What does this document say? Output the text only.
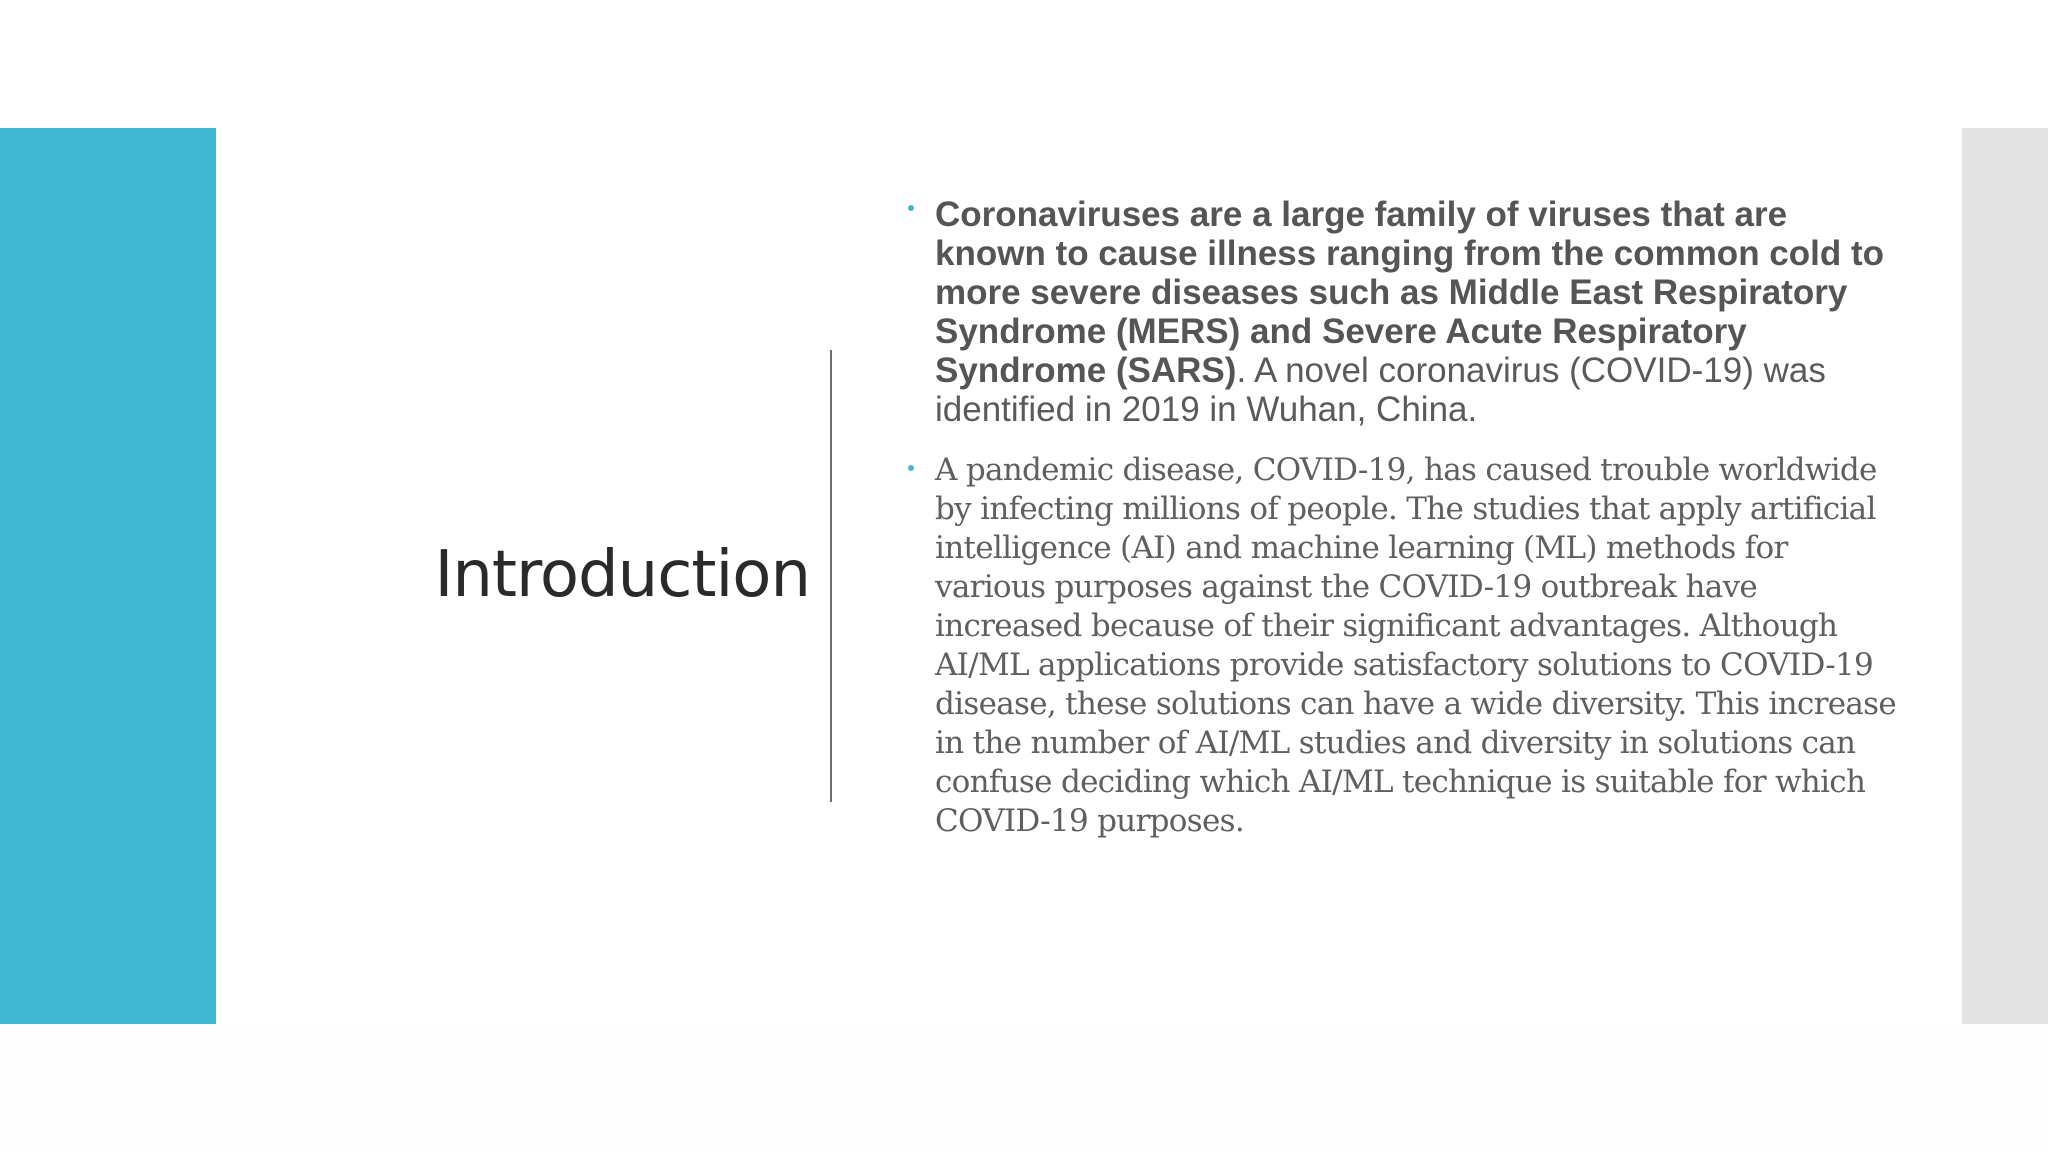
Introduction

Coronaviruses are a large family of viruses that are known to cause illness ranging from the common cold to more severe diseases such as Middle East Respiratory Syndrome (MERS) and Severe Acute Respiratory Syndrome (SARS). A novel coronavirus (COVID-19) was identified in 2019 in Wuhan, China.

A pandemic disease, COVID-19, has caused trouble worldwide by infecting millions of people. The studies that apply artificial intelligence (AI) and machine learning (ML) methods for various purposes against the COVID-19 outbreak have increased because of their significant advantages. Although AI/ML applications provide satisfactory solutions to COVID-19 disease, these solutions can have a wide diversity. This increase in the number of AI/ML studies and diversity in solutions can confuse deciding which AI/ML technique is suitable for which COVID-19 purposes.
